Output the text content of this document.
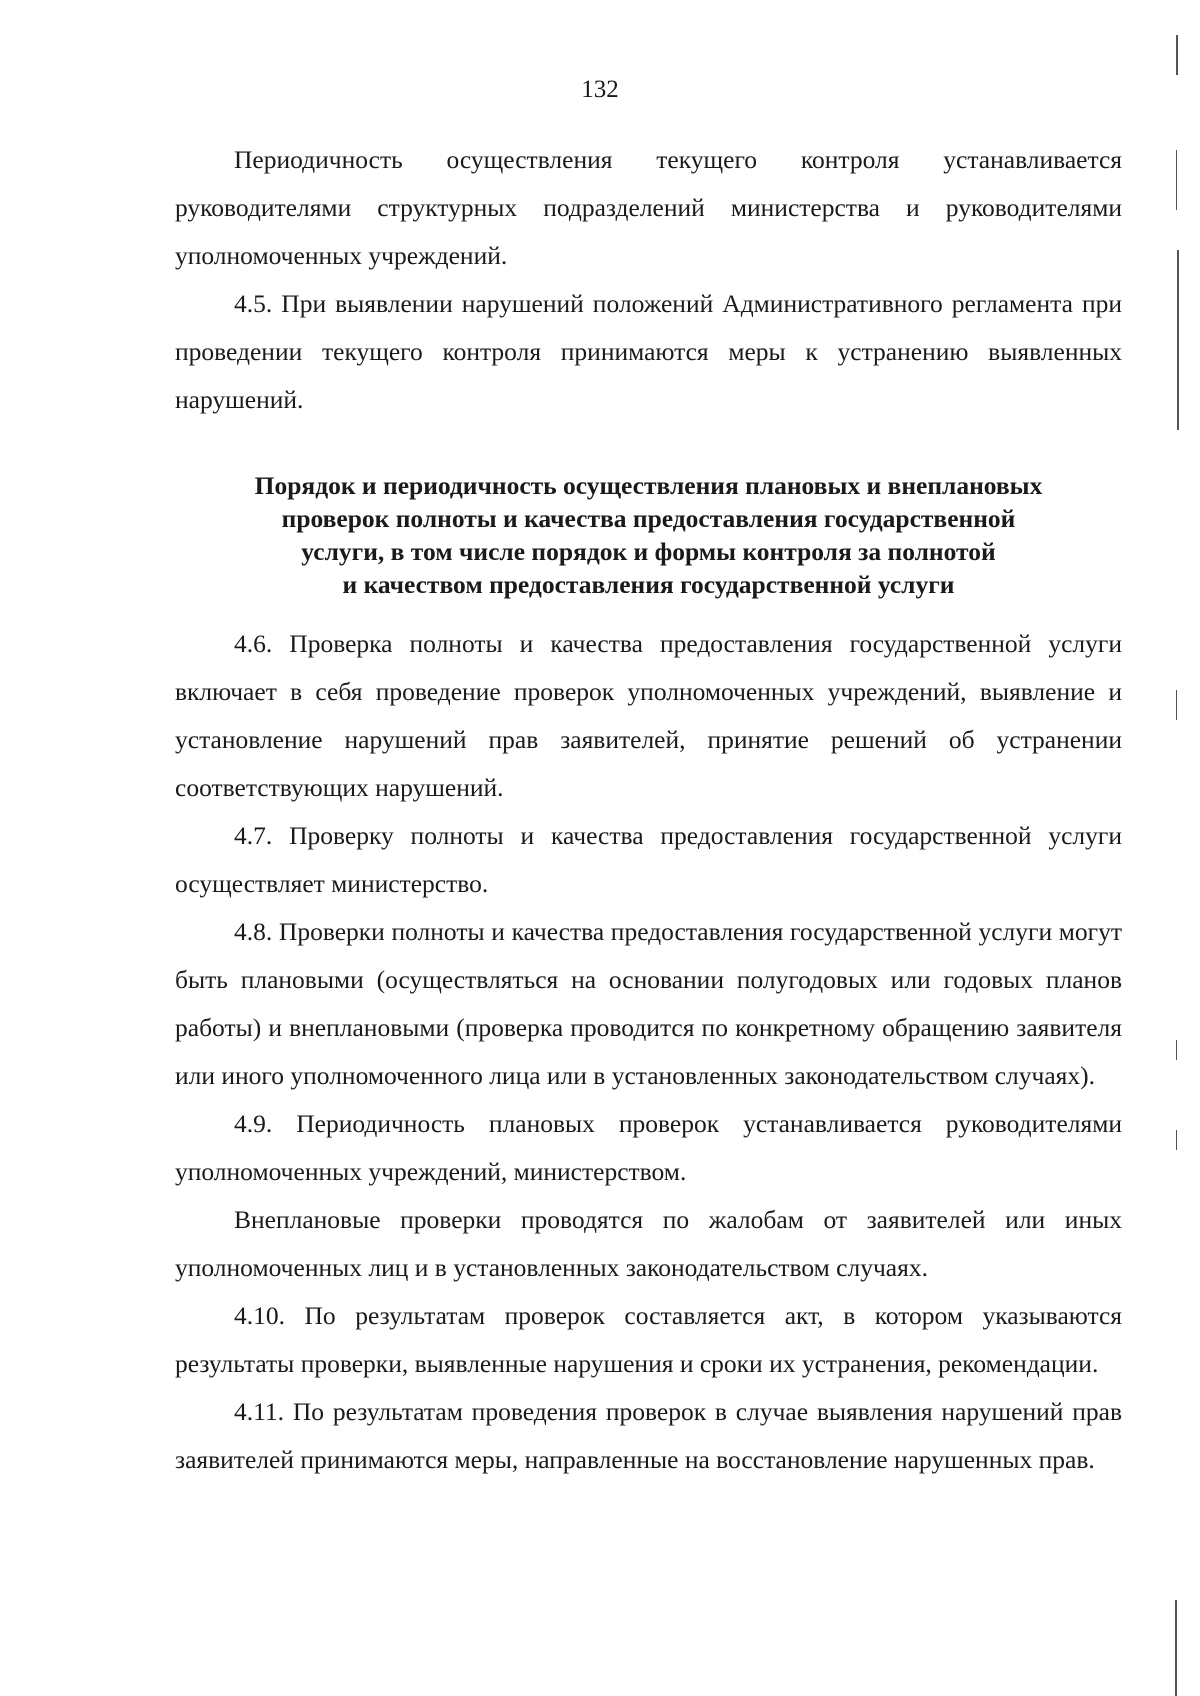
132

Периодичность осуществления текущего контроля устанавливается руководителями структурных подразделений министерства и руководителями уполномоченных учреждений.

4.5. При выявлении нарушений положений Административного регламента при проведении текущего контроля принимаются меры к устранению выявленных нарушений.

Порядок и периодичность осуществления плановых и внеплановых
проверок полноты и качества предоставления государственной
услуги, в том числе порядок и формы контроля за полнотой
и качеством предоставления государственной услуги

4.6. Проверка полноты и качества предоставления государственной услуги включает в себя проведение проверок уполномоченных учреждений, выявление и установление нарушений прав заявителей, принятие решений об устранении соответствующих нарушений.

4.7. Проверку полноты и качества предоставления государственной услуги осуществляет министерство.

4.8. Проверки полноты и качества предоставления государственной услуги могут быть плановыми (осуществляться на основании полугодовых или годовых планов работы) и внеплановыми (проверка проводится по конкретному обращению заявителя или иного уполномоченного лица или в установленных законодательством случаях).

4.9. Периодичность плановых проверок устанавливается руководителями уполномоченных учреждений, министерством.

Внеплановые проверки проводятся по жалобам от заявителей или иных уполномоченных лиц и в установленных законодательством случаях.

4.10. По результатам проверок составляется акт, в котором указываются результаты проверки, выявленные нарушения и сроки их устранения, рекомендации.

4.11. По результатам проведения проверок в случае выявления нарушений прав заявителей принимаются меры, направленные на восстановление нарушенных прав.
